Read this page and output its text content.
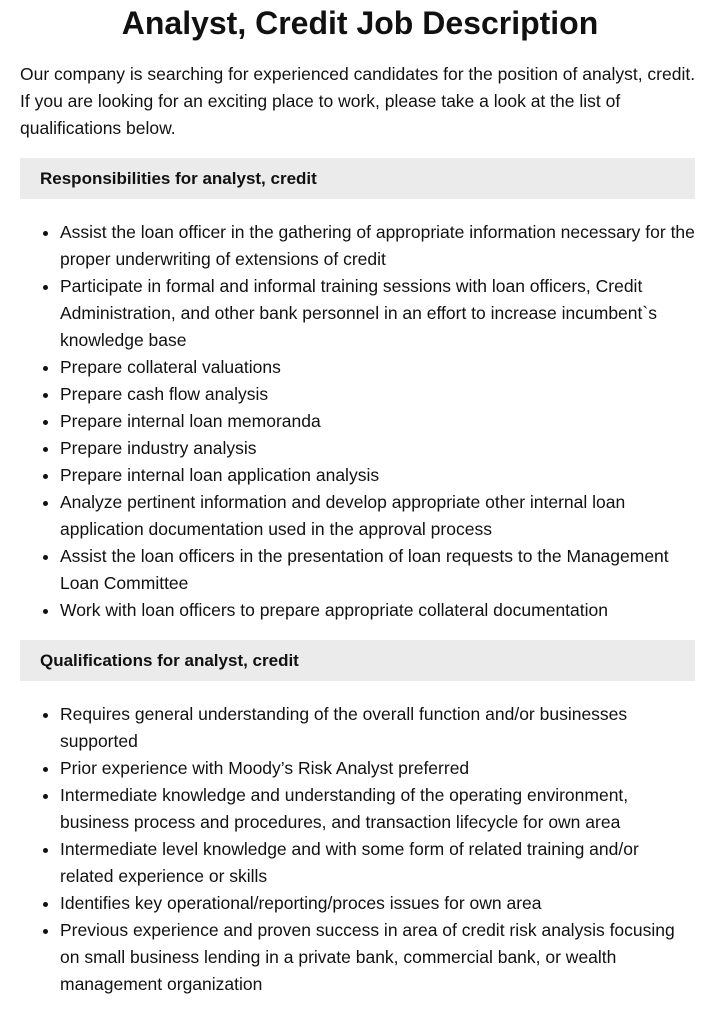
Analyst, Credit Job Description

Our company is searching for experienced candidates for the position of analyst, credit. If you are looking for an exciting place to work, please take a look at the list of qualifications below.

Responsibilities for analyst, credit
• Assist the loan officer in the gathering of appropriate information necessary for the proper underwriting of extensions of credit
• Participate in formal and informal training sessions with loan officers, Credit Administration, and other bank personnel in an effort to increase incumbent`s knowledge base
• Prepare collateral valuations
• Prepare cash flow analysis
• Prepare internal loan memoranda
• Prepare industry analysis
• Prepare internal loan application analysis
• Analyze pertinent information and develop appropriate other internal loan application documentation used in the approval process
• Assist the loan officers in the presentation of loan requests to the Management Loan Committee
• Work with loan officers to prepare appropriate collateral documentation
Qualifications for analyst, credit
• Requires general understanding of the overall function and/or businesses supported
• Prior experience with Moody’s Risk Analyst preferred
• Intermediate knowledge and understanding of the operating environment, business process and procedures, and transaction lifecycle for own area
• Intermediate level knowledge and with some form of related training and/or related experience or skills
• Identifies key operational/reporting/proces issues for own area
• Previous experience and proven success in area of credit risk analysis focusing on small business lending in a private bank, commercial bank, or wealth management organization
